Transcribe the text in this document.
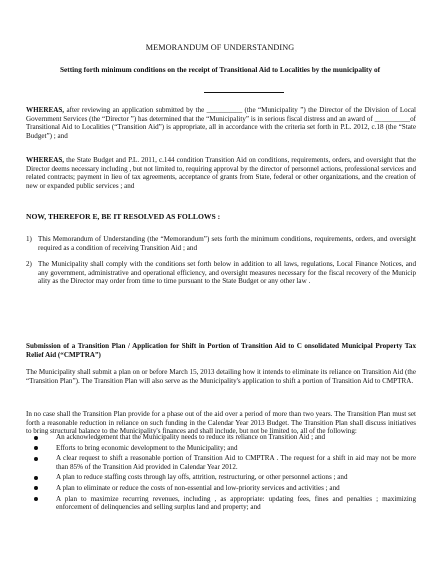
MEMORANDUM OF UNDERSTANDING
Setting forth minimum conditions on the receipt of Transitional Aid to Localities by the municipality of

WHEREAS, after reviewing an application submitted by the __________ (the “Municipality ”) the Director of the Division of Local Government Services (the “Director ”) has determined that the “Municipality” is in serious fiscal distress and an award of __________of Transitional Aid to Localities (“Transition Aid”) is appropriate, all in accordance with the criteria set forth in P.L. 2012, c.18 (the “State Budget”) ; and

WHEREAS, the State Budget and P.L. 2011, c.144 condition Transition Aid on conditions, requirements, orders, and oversight that the Director deems necessary including , but not limited to, requiring approval by the director of personnel actions, professional services and related contracts; payment in lieu of tax agreements, acceptance of grants from State, federal or other organizations, and the creation of new or expanded public services ; and

NOW, THEREFOR E, BE IT RESOLVED AS FOLLOWS :

1) This Memorandum of Understanding (the “Memorandum”) sets forth the minimum conditions, requirements, orders, and oversight required as a condition of receiving Transition Aid ; and
2) The Municipality shall comply with the conditions set forth below in addition to all laws, regulations, Local Finance Notices, and any government, administrative and operational efficiency, and oversight measures necessary for the fiscal recovery of the Municip ality as the Director may order from time to time pursuant to the State Budget or any other law .

Submission of a Transition Plan / Application for Shift in Portion of Transition Aid to C onsolidated Municipal Property Tax Relief Aid (“CMPTRA”)

The Municipality shall submit a plan on or before March 15, 2013 detailing how it intends to eliminate its reliance on Transition Aid (the “Transition Plan”). The Transition Plan will also serve as the Municipality's application to shift a portion of Transition Aid to CMPTRA.

In no case shall the Transition Plan provide for a phase out of the aid over a period of more than two years. The Transition Plan must set forth a reasonable reduction in reliance on such funding in the Calendar Year 2013 Budget. The Transition Plan shall discuss initiatives to bring structural balance to the Municipality's finances and shall include, but not be limited to, all of the following:

An acknowledgement that the Municipality needs to reduce its reliance on Transition Aid ; and
Efforts to bring economic development to the Municipality; and
A clear request to shift a reasonable portion of Transition Aid to CMPTRA . The request for a shift in aid may not be more than 85% of the Transition Aid provided in Calendar Year 2012.
A plan to reduce staffing costs through lay offs, attrition, restructuring, or other personnel actions ; and
A plan to eliminate or reduce the costs of non-essential and low-priority services and activities ; and
A plan to maximize recurring revenues, including , as appropriate: updating fees, fines and penalties ; maximizing enforcement of delinquencies and selling surplus land and property; and
